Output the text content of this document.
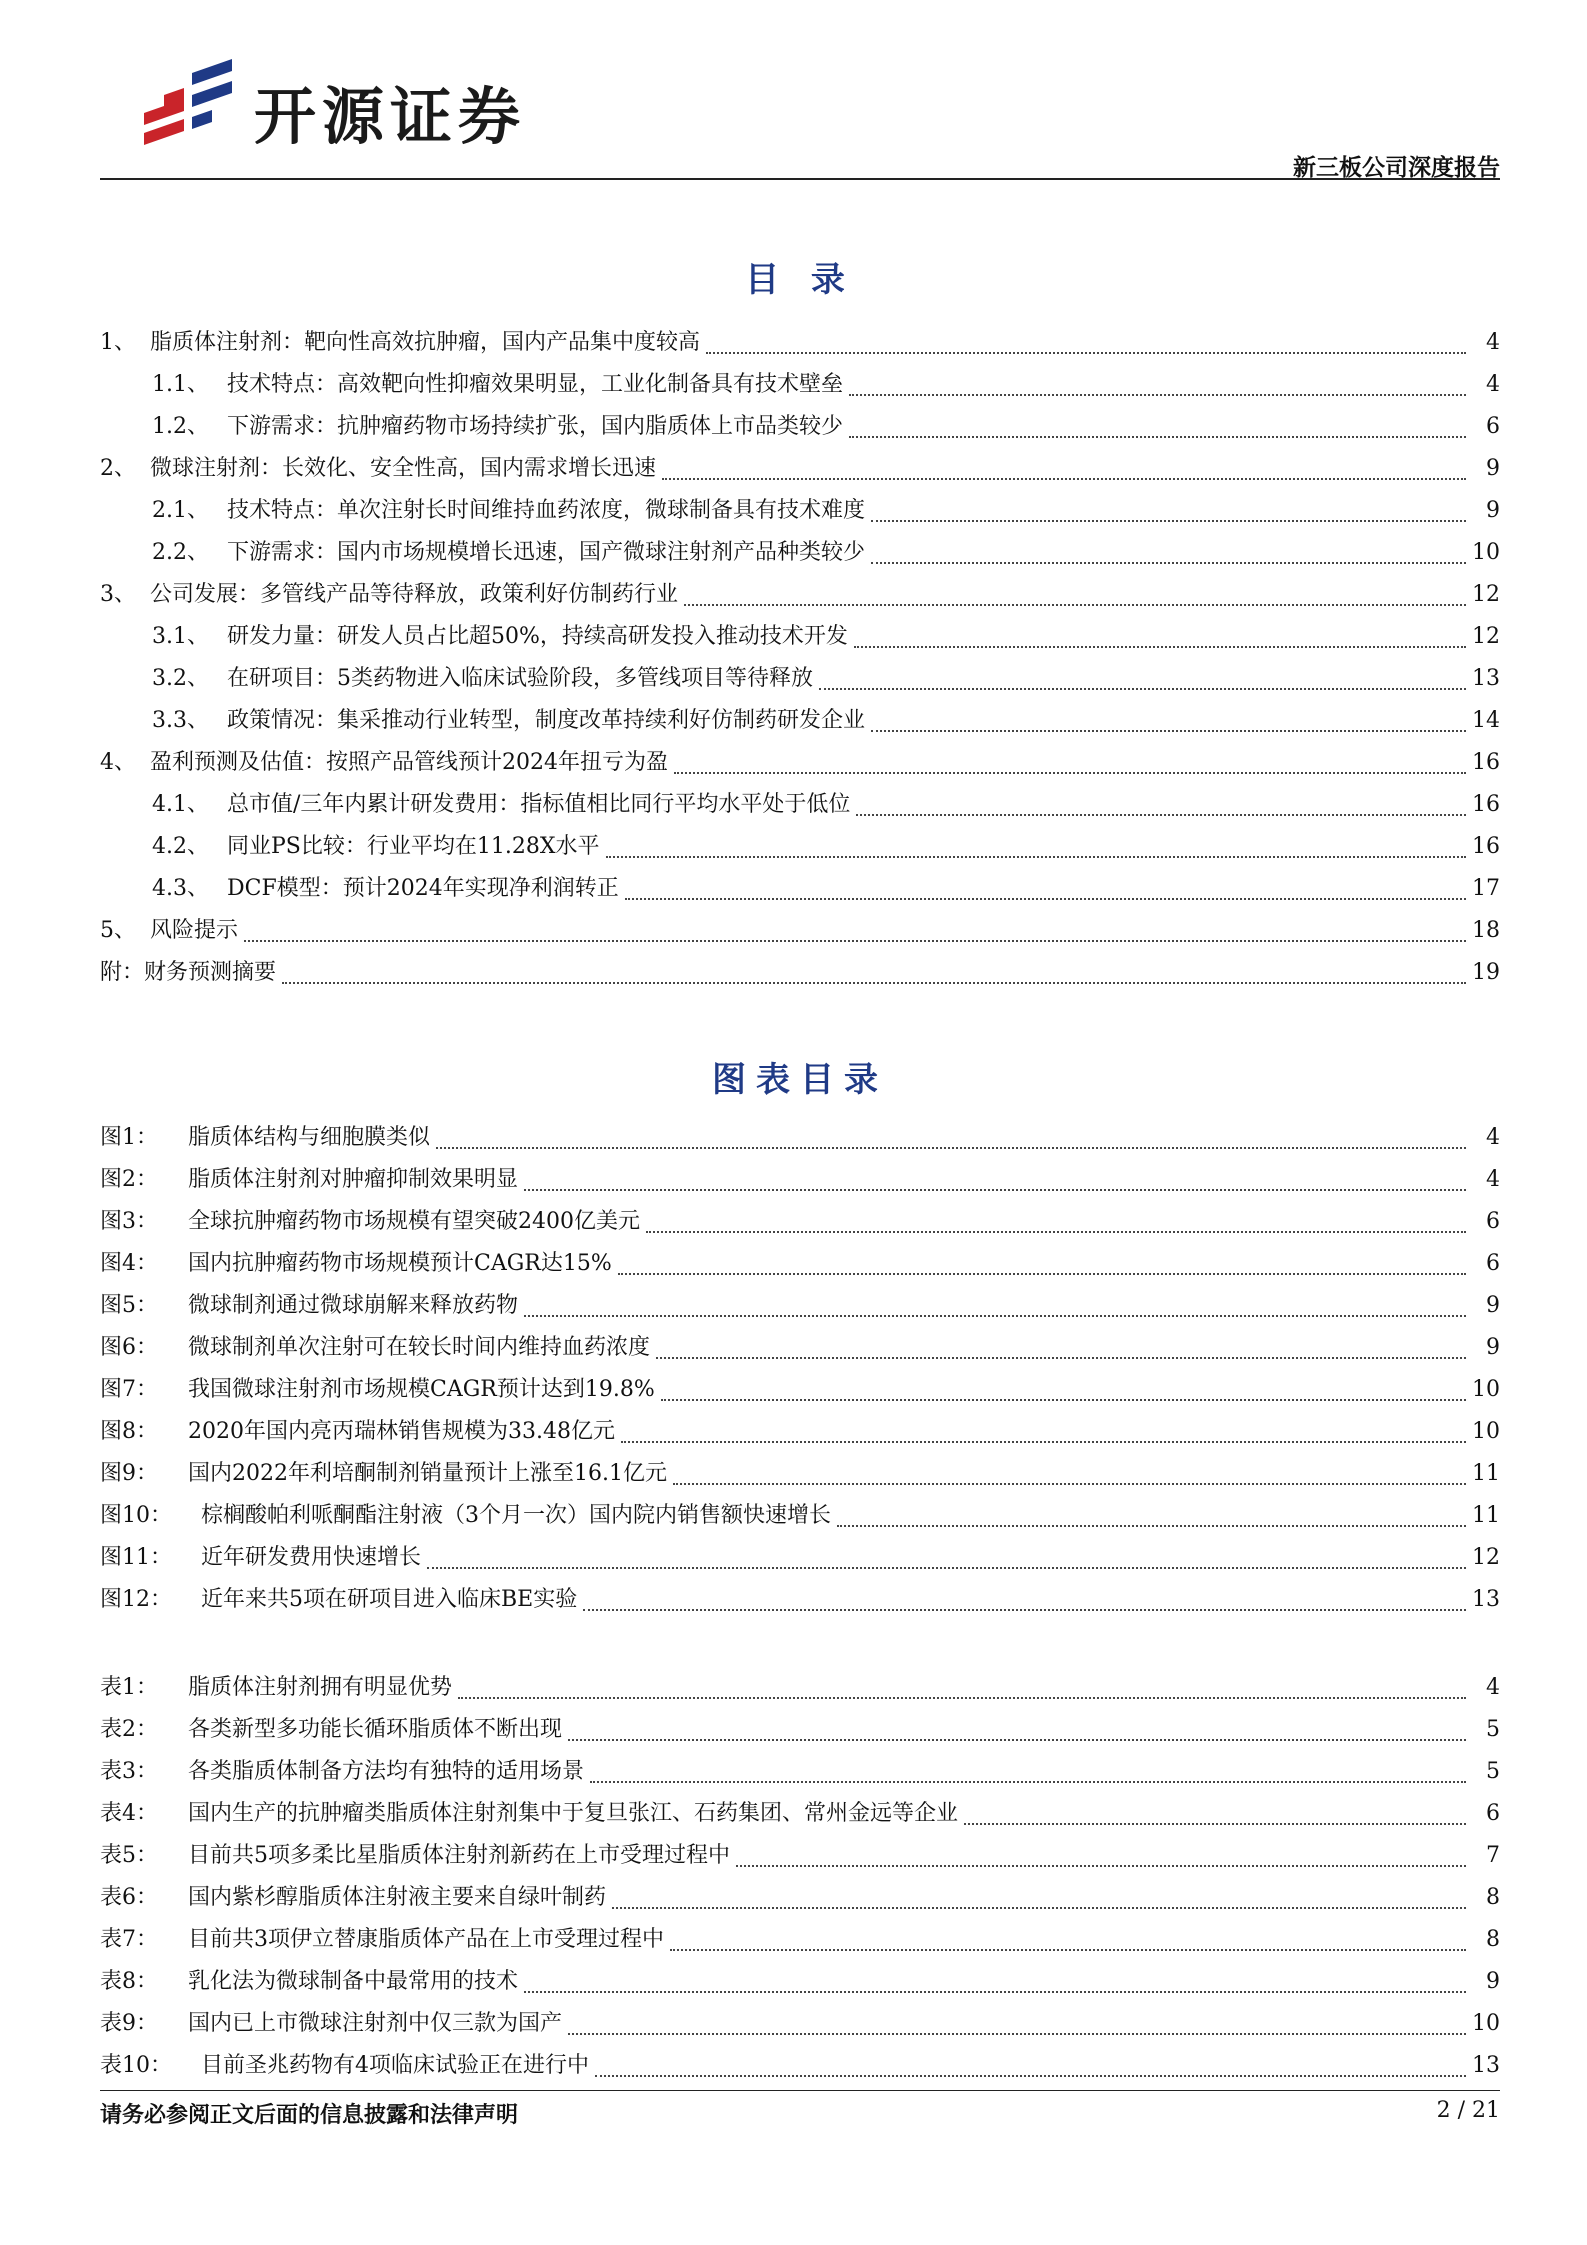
开源证券
新三板公司深度报告
目 录
1、 脂质体注射剂：靶向性高效抗肿瘤，国内产品集中度较高	4
1.1、 技术特点：高效靶向性抑瘤效果明显，工业化制备具有技术壁垒	4
1.2、 下游需求：抗肿瘤药物市场持续扩张，国内脂质体上市品类较少	6
2、 微球注射剂：长效化、安全性高，国内需求增长迅速	9
2.1、 技术特点：单次注射长时间维持血药浓度，微球制备具有技术难度	9
2.2、 下游需求：国内市场规模增长迅速，国产微球注射剂产品种类较少	10
3、 公司发展：多管线产品等待释放，政策利好仿制药行业	12
3.1、 研发力量：研发人员占比超50%，持续高研发投入推动技术开发	12
3.2、 在研项目：5类药物进入临床试验阶段，多管线项目等待释放	13
3.3、 政策情况：集采推动行业转型，制度改革持续利好仿制药研发企业	14
4、 盈利预测及估值：按照产品管线预计2024年扭亏为盈	16
4.1、 总市值/三年内累计研发费用：指标值相比同行平均水平处于低位	16
4.2、 同业PS比较：行业平均在11.28X水平	16
4.3、 DCF模型：预计2024年实现净利润转正	17
5、 风险提示	18
附：财务预测摘要	19
图表目录
图1：	脂质体结构与细胞膜类似	4
图2：	脂质体注射剂对肿瘤抑制效果明显	4
图3：	全球抗肿瘤药物市场规模有望突破2400亿美元	6
图4：	国内抗肿瘤药物市场规模预计CAGR达15%	6
图5：	微球制剂通过微球崩解来释放药物	9
图6：	微球制剂单次注射可在较长时间内维持血药浓度	9
图7：	我国微球注射剂市场规模CAGR预计达到19.8%	10
图8：	2020年国内亮丙瑞林销售规模为33.48亿元	10
图9：	国内2022年利培酮制剂销量预计上涨至16.1亿元	11
图10：	棕榈酸帕利哌酮酯注射液（3个月一次）国内院内销售额快速增长	11
图11：	近年研发费用快速增长	12
图12：	近年来共5项在研项目进入临床BE实验	13
表1：	脂质体注射剂拥有明显优势	4
表2：	各类新型多功能长循环脂质体不断出现	5
表3：	各类脂质体制备方法均有独特的适用场景	5
表4：	国内生产的抗肿瘤类脂质体注射剂集中于复旦张江、石药集团、常州金远等企业	6
表5：	目前共5项多柔比星脂质体注射剂新药在上市受理过程中	7
表6：	国内紫杉醇脂质体注射液主要来自绿叶制药	8
表7：	目前共3项伊立替康脂质体产品在上市受理过程中	8
表8：	乳化法为微球制备中最常用的技术	9
表9：	国内已上市微球注射剂中仅三款为国产	10
表10：	目前圣兆药物有4项临床试验正在进行中	13
请务必参阅正文后面的信息披露和法律声明	2 / 21
